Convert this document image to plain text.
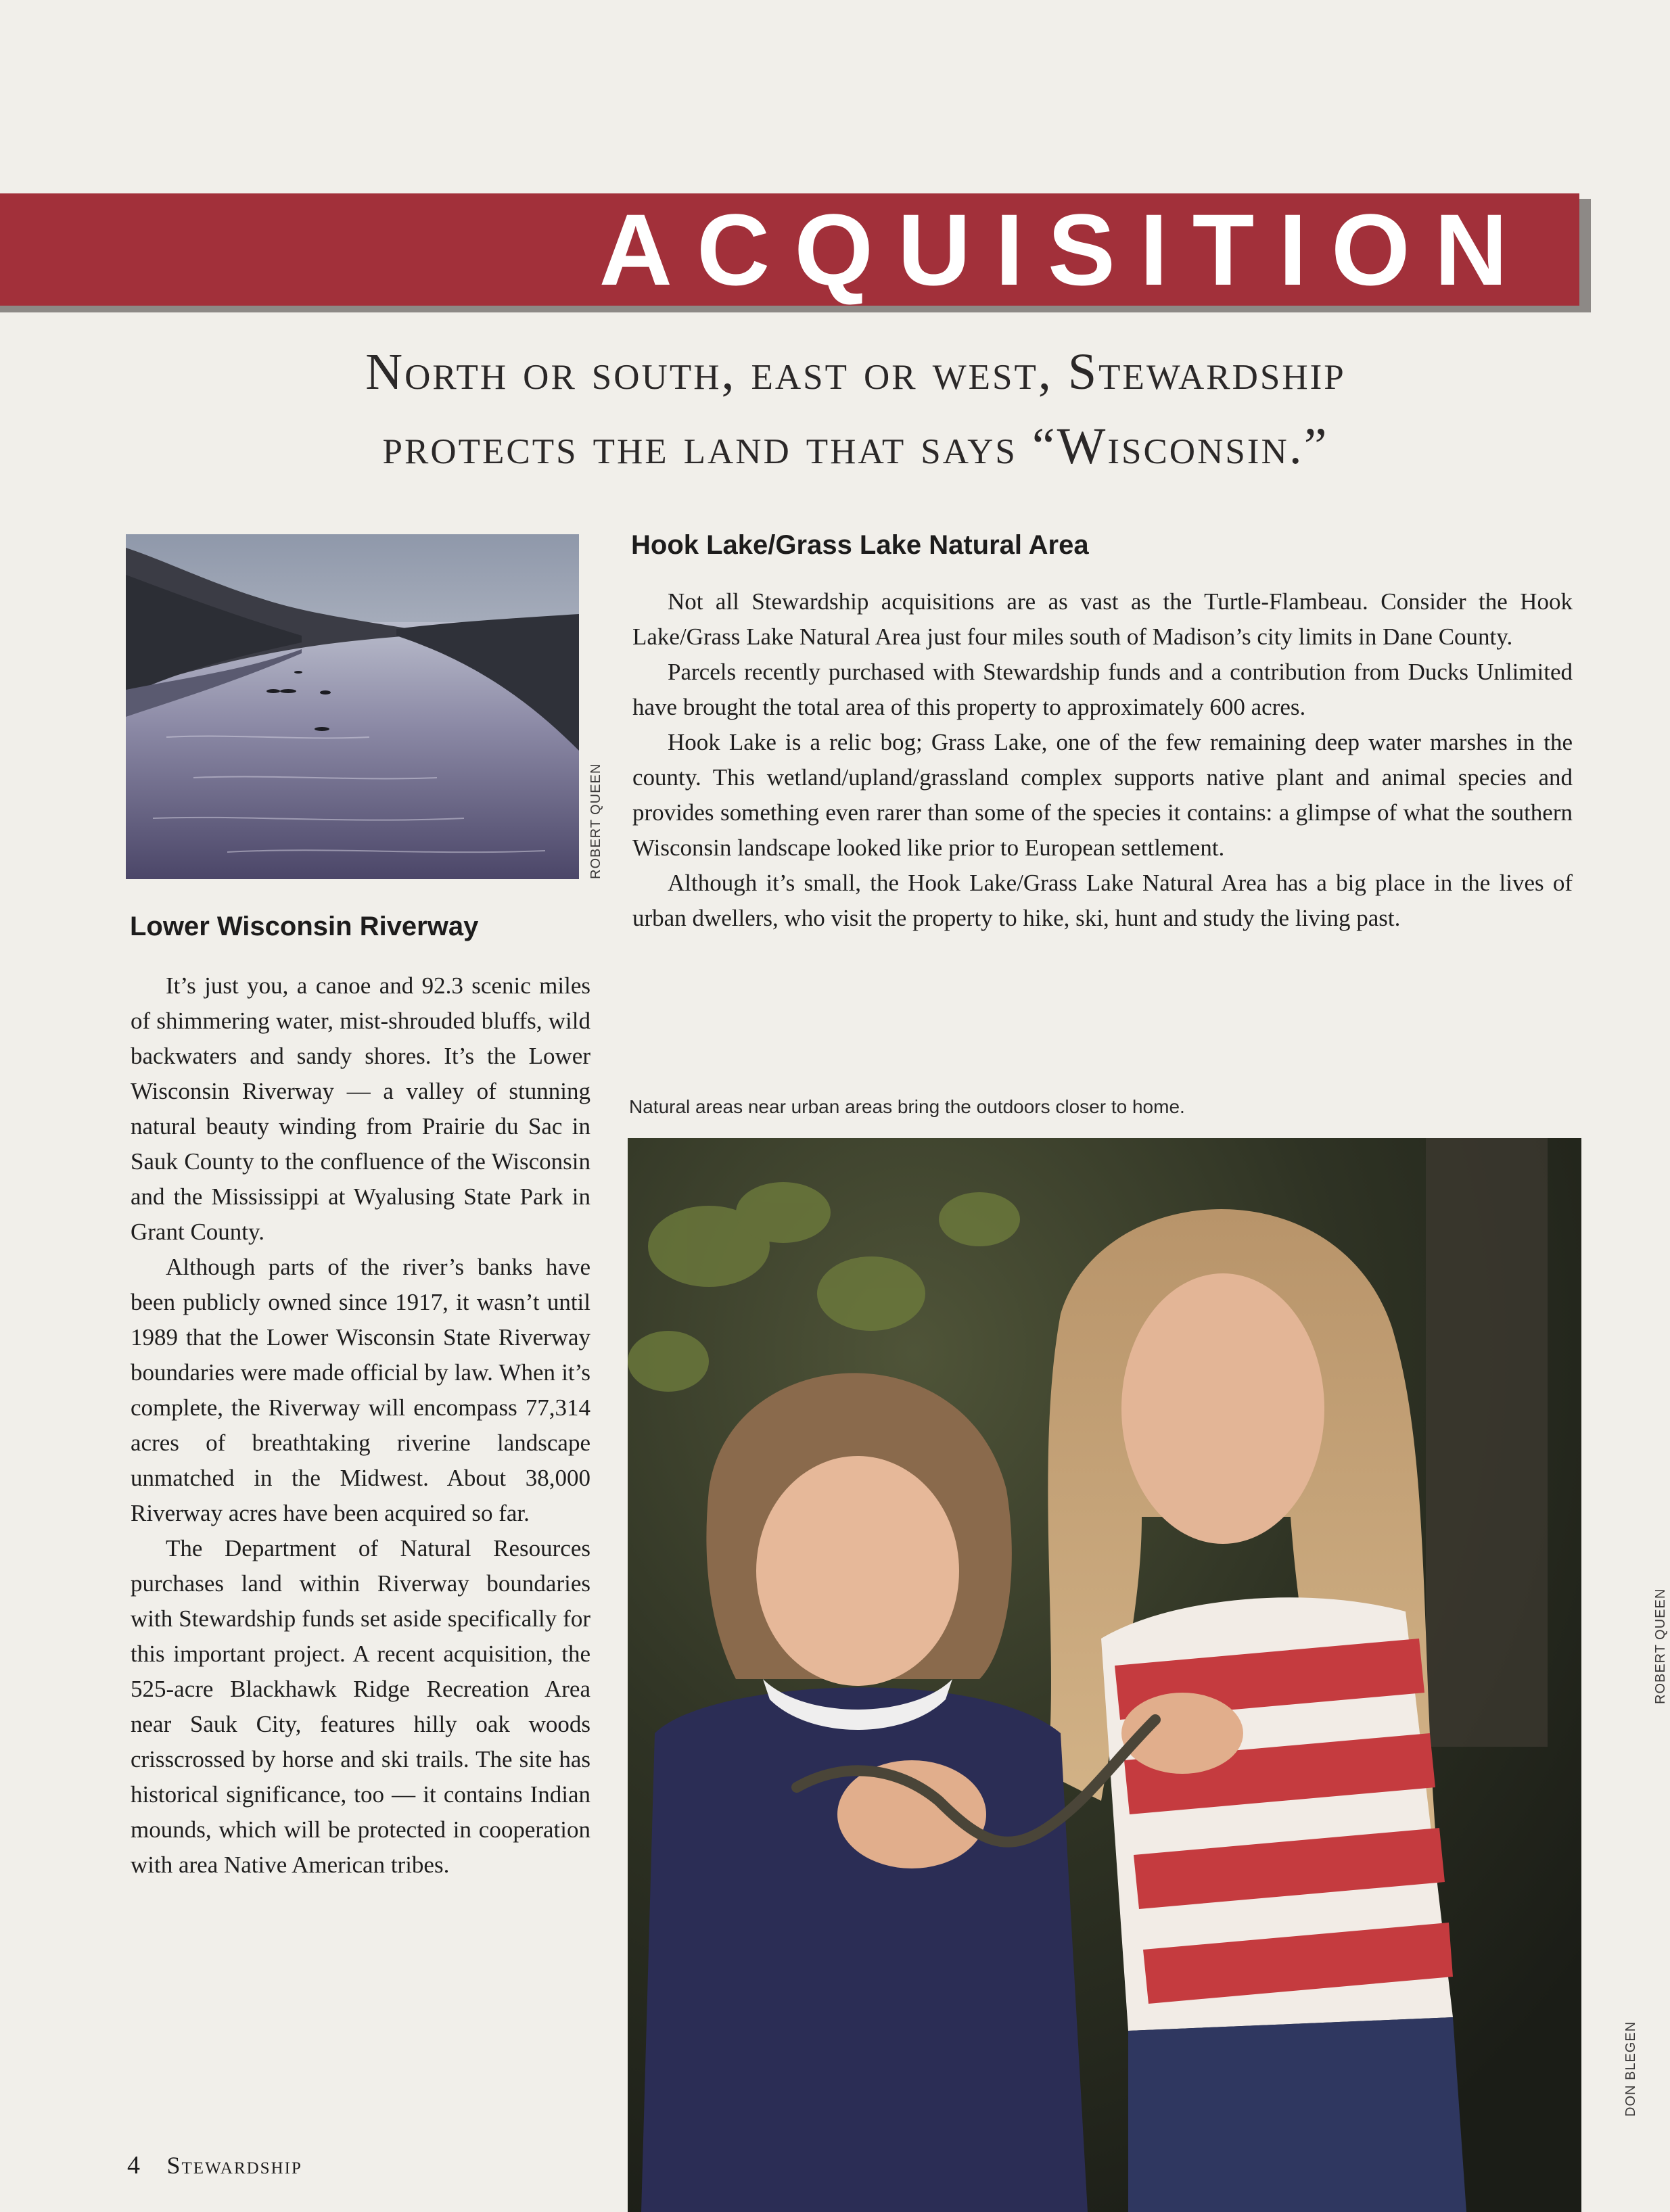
ACQUISITION
North or south, east or west, Stewardship
protects the land that says “Wisconsin.”
ROBERT QUEEN
Lower Wisconsin Riverway

It’s just you, a canoe and 92.3 scenic miles of shimmering water, mist-shrouded bluffs, wild backwaters and sandy shores. It’s the Lower Wisconsin Riverway — a valley of stunning natural beauty winding from Prairie du Sac in Sauk County to the confluence of the Wisconsin and the Mississippi at Wyalusing State Park in Grant County.

Although parts of the river’s banks have been publicly owned since 1917, it wasn’t until 1989 that the Lower Wisconsin State Riverway boundaries were made official by law. When it’s complete, the Riverway will encompass 77,314 acres of breathtaking riverine landscape unmatched in the Midwest. About 38,000 Riverway acres have been acquired so far.

The Department of Natural Resources purchases land within Riverway boundaries with Stewardship funds set aside specifically for this important project. A recent acquisition, the 525-acre Blackhawk Ridge Recreation Area near Sauk City, features hilly oak woods crisscrossed by horse and ski trails. The site has historical significance, too — it contains Indian mounds, which will be protected in cooperation with area Native American tribes.

Hook Lake/Grass Lake Natural Area

Not all Stewardship acquisitions are as vast as the Turtle-Flambeau. Consider the Hook Lake/Grass Lake Natural Area just four miles south of Madison’s city limits in Dane County.

Parcels recently purchased with Stewardship funds and a contribution from Ducks Unlimited have brought the total area of this property to approximately 600 acres.

Hook Lake is a relic bog; Grass Lake, one of the few remaining deep water marshes in the county. This wetland/upland/grassland complex supports native plant and animal species and provides something even rarer than some of the species it contains: a glimpse of what the southern Wisconsin landscape looked like prior to European settlement.

Although it’s small, the Hook Lake/Grass Lake Natural Area has a big place in the lives of urban dwellers, who visit the property to hike, ski, hunt and study the living past.

Natural areas near urban areas bring the outdoors closer to home.
DON BLEGEN
ROBERT QUEEN
4 Stewardship
